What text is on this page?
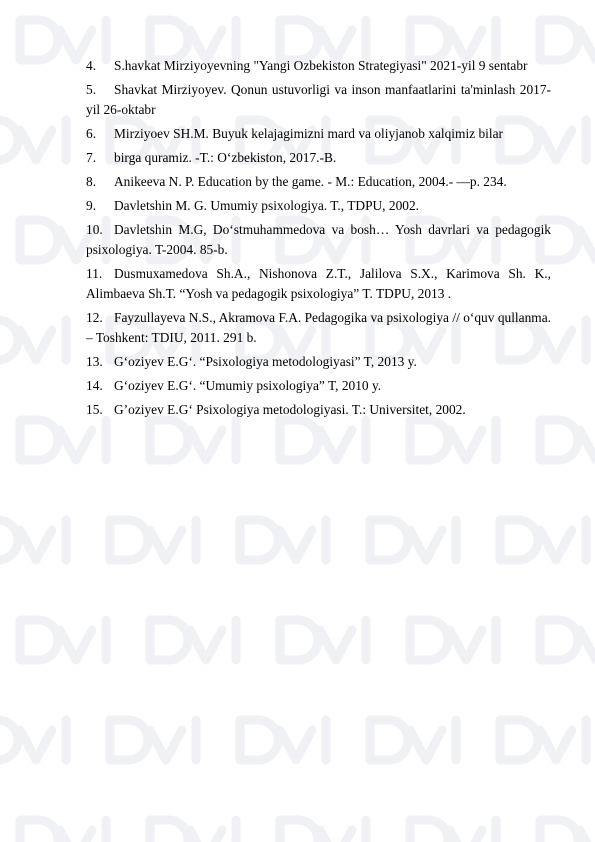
4. S.havkat Mirziyoyevning "Yangi Ozbekiston Strategiyasi" 2021-yil 9 sentabr
5. Shavkat Mirziyoyev. Qonun ustuvorligi va inson manfaatlarini ta'minlash 2017-yil 26-oktabr
6. Mirziyoev SH.M. Buyuk kelajagimizni mard va oliyjanob xalqimiz bilar
7. birga quramiz. -T.: O‘zbekiston, 2017.-B.
8. Anikeeva N. P. Education by the game. - M.: Education, 2004.- —p. 234.
9. Davletshin M. G. Umumiy psixologiya. T., TDPU, 2002.
10. Davletshin M.G, Do‘stmuhammedova va bosh… Yosh davrlari va pedagogik psixologiya. T-2004. 85-b.
11. Dusmuxamedova Sh.A., Nishonova Z.T., Jalilova S.X., Karimova Sh. K., Alimbaeva Sh.T. “Yosh va pedagogik psixologiya” T. TDPU, 2013 .
12. Fayzullayeva N.S., Akramova F.A. Pedagogika va psixologiya // o‘quv qullanma. – Toshkent: TDIU, 2011. 291 b.
13. G‘oziyev E.G‘. “Psixologiya metodologiyasi” T, 2013 y.
14. G‘oziyev E.G‘. “Umumiy psixologiya” T, 2010 y.
15. G’oziyev E.G‘ Psixologiya metodologiyasi. T.: Universitet, 2002.
